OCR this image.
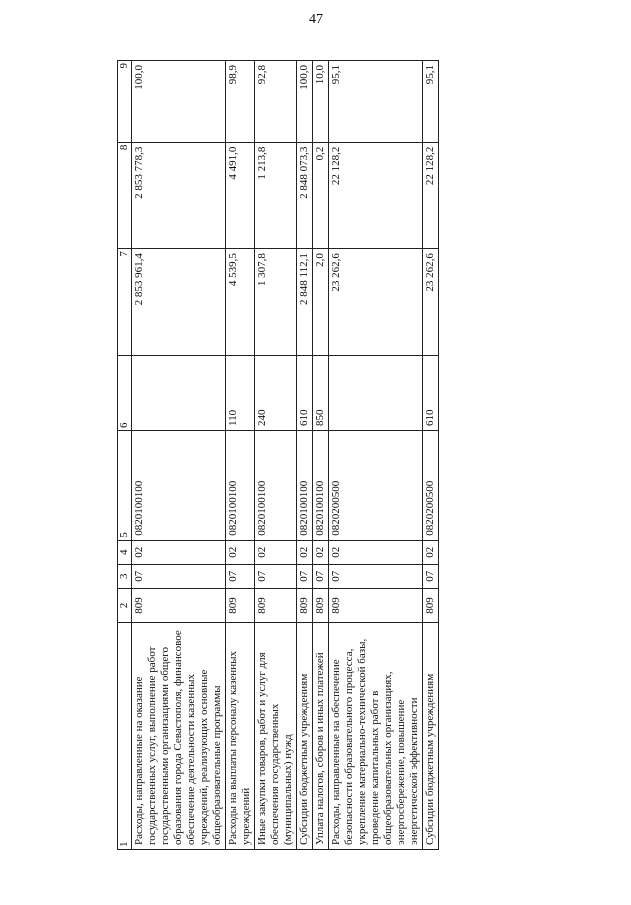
47
1	2	3	4	5	6	7	8	9
Расходы, направленные на оказание государственных услуг, выполнение работ государственными организациями общего образования города Севастополя, финансовое обеспечение деятельности казенных учреждений, реализующих основные общеобразовательные программы	809	07	02	0820100100		2 853 961,4	2 853 778,3	100,0
Расходы на выплаты персоналу казенных учреждений	809	07	02	0820100100	110	4 539,5	4 491,0	98,9
Иные закупки товаров, работ и услуг для обеспечения государственных (муниципальных) нужд	809	07	02	0820100100	240	1 307,8	1 213,8	92,8
Субсидии бюджетным учреждениям	809	07	02	0820100100	610	2 848 112,1	2 848 073,3	100,0
Уплата налогов, сборов и иных платежей	809	07	02	0820100100	850	2,0	0,2	10,0
Расходы, направленные на обеспечение безопасности образовательного процесса, укрепление материально-технической базы, проведение капитальных работ в общеобразовательных организациях, энергосбережение, повышение энергетической эффективности	809	07	02	0820200500		23 262,6	22 128,2	95,1
Субсидии бюджетным учреждениям	809	07	02	0820200500	610	23 262,6	22 128,2	95,1
